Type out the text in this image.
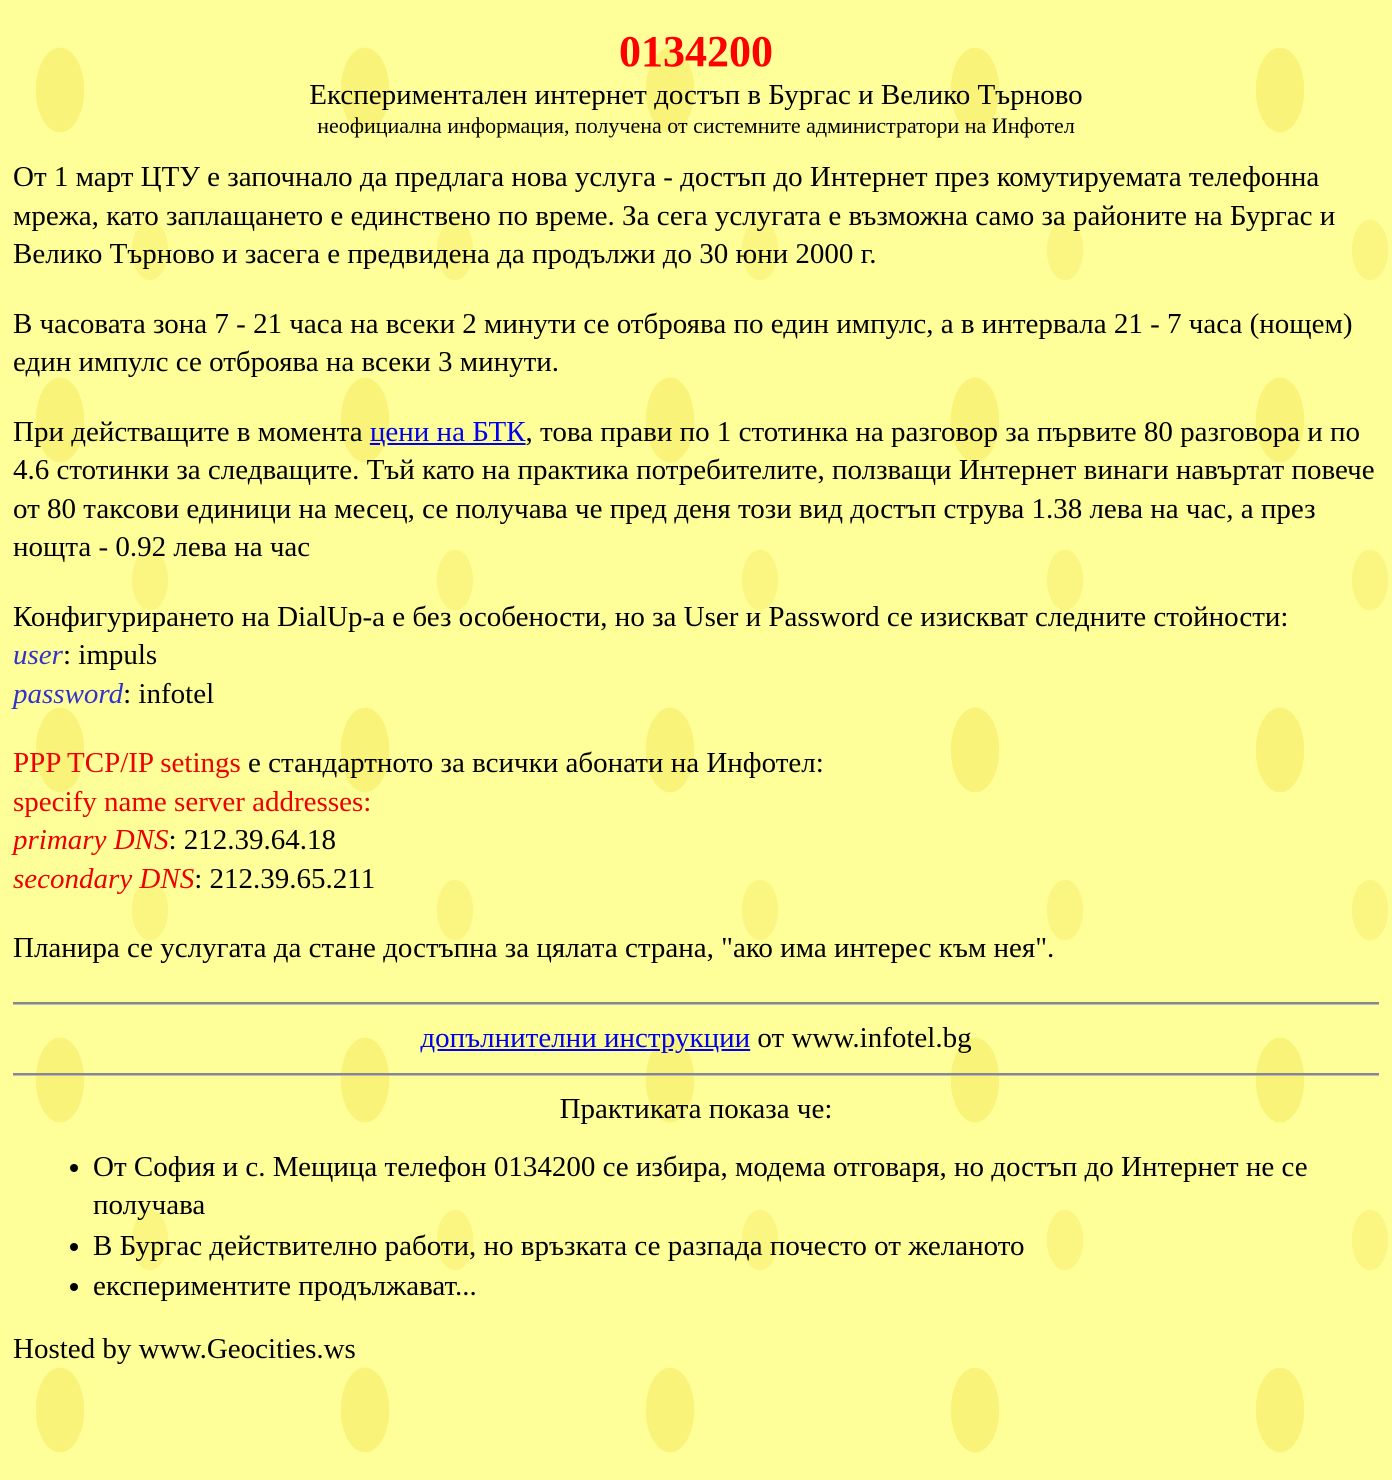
0134200
Експериментален интернет достъп в Бургас и Велико Търново
неофициална информация, получена от системните администратори на Инфотел

От 1 март ЦТУ е започнало да предлага нова услуга - достъп до Интернет през комутируемата телефонна мрежа, като заплащането е единствено по време. За сега услугата е възможна само за районите на Бургас и Велико Търново и засега е предвидена да продължи до 30 юни 2000 г.

В часовата зона 7 - 21 часа на всеки 2 минути се отброява по един импулс, а в интервала 21 - 7 часа (нощем) един импулс се отброява на всеки 3 минути.

При действащите в момента цени на БТК, това прави по 1 стотинка на разговор за първите 80 разговора и по 4.6 стотинки за следващите. Тъй като на практика потребителите, ползващи Интернет винаги навъртат повече от 80 таксови единици на месец, се получава че пред деня този вид достъп струва 1.38 лева на час, а през нощта - 0.92 лева на час

Конфигурирането на DialUp-а е без особености, но за User и Password се изискват следните стойности:
user: impuls
password: infotel

PPP TCP/IP setings е стандартното за всички абонати на Инфотел:
specify name server addresses:
primary DNS: 212.39.64.18
secondary DNS: 212.39.65.211

Планира се услугата да стане достъпна за цялата страна, "ако има интерес към нея".

допълнителни инструкции от www.infotel.bg
Практиката показа че:
• От София и с. Мещица телефон 0134200 се избира, модема отговаря, но достъп до Интернет не се получава
• В Бургас действително работи, но връзката се разпада почесто от желаното
• експериментите продължават...
Hosted by www.Geocities.ws
